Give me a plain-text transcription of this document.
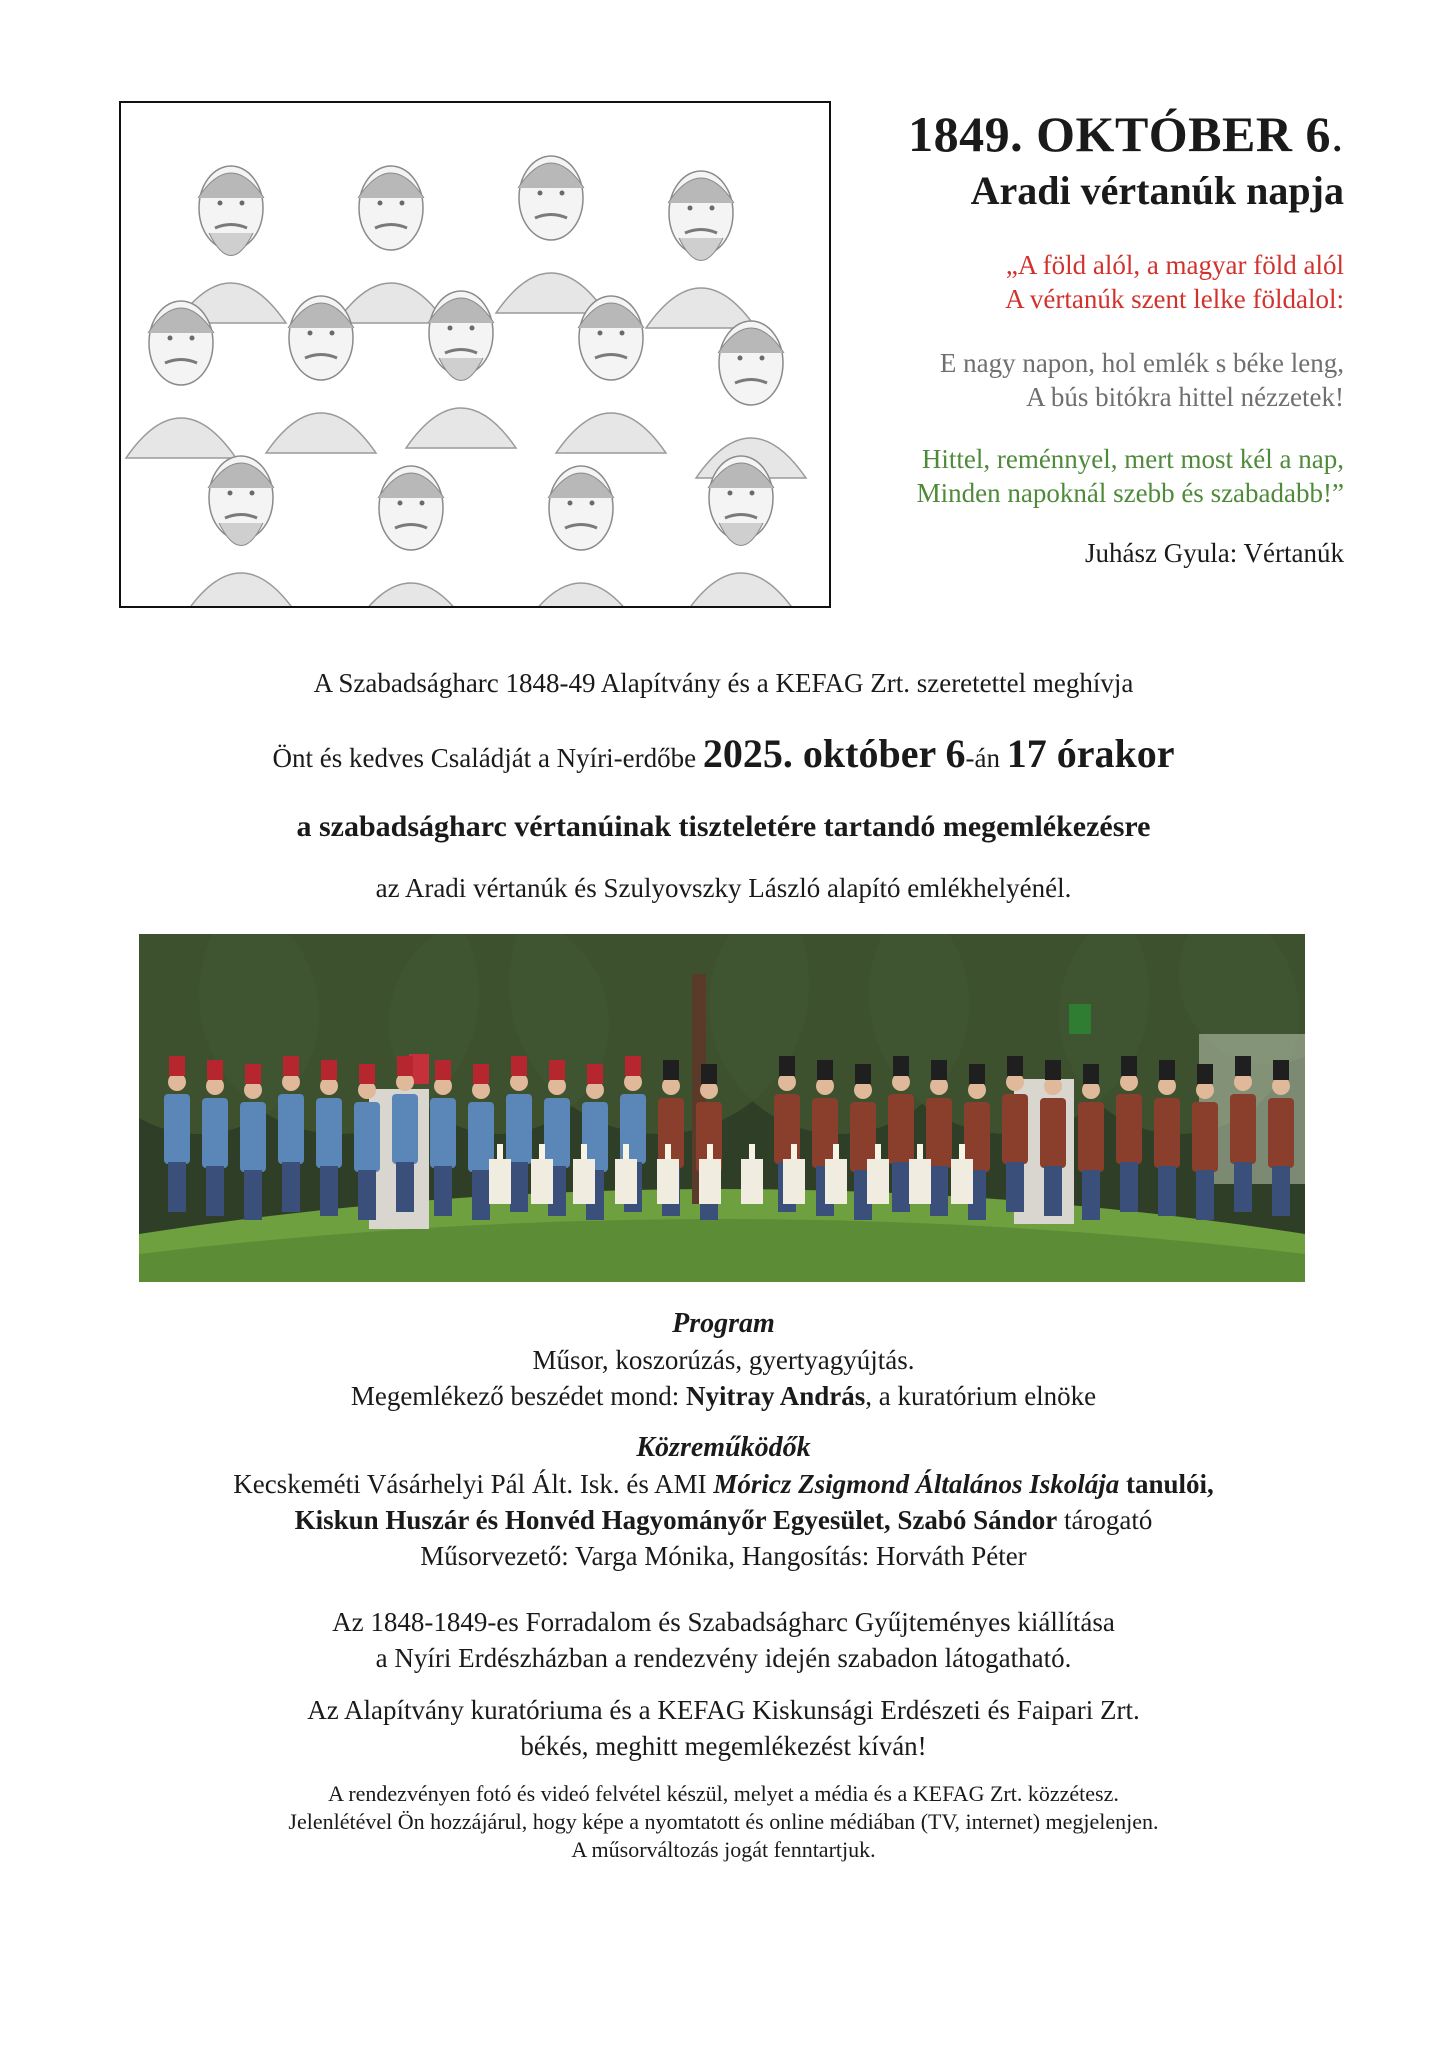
1849. OKTÓBER 6.
Aradi vértanúk napja
„A föld alól, a magyar föld alól
A vértanúk szent lelke földalol:
E nagy napon, hol emlék s béke leng,
A bús bitókra hittel nézzetek!
Hittel, reménnyel, mert most kél a nap,
Minden napoknál szebb és szabadabb!”
Juhász Gyula: Vértanúk
A Szabadságharc 1848-49 Alapítvány és a KEFAG Zrt. szeretettel meghívja
Önt és kedves Családját a Nyíri-erdőbe 2025. október 6-án 17 órakor
a szabadságharc vértanúinak tiszteletére tartandó megemlékezésre
az Aradi vértanúk és Szulyovszky László alapító emlékhelyénél.
Program
Műsor, koszorúzás, gyertyagyújtás.
Megemlékező beszédet mond: Nyitray András, a kuratórium elnöke
Közreműködők
Kecskeméti Vásárhelyi Pál Ált. Isk. és AMI Móricz Zsigmond Általános Iskolája tanulói,
Kiskun Huszár és Honvéd Hagyományőr Egyesület, Szabó Sándor tárogató
Műsorvezető: Varga Mónika, Hangosítás: Horváth Péter
Az 1848-1849-es Forradalom és Szabadságharc Gyűjteményes kiállítása
a Nyíri Erdészházban a rendezvény idején szabadon látogatható.
Az Alapítvány kuratóriuma és a KEFAG Kiskunsági Erdészeti és Faipari Zrt.
békés, meghitt megemlékezést kíván!
A rendezvényen fotó és videó felvétel készül, melyet a média és a KEFAG Zrt. közzétesz.
Jelenlétével Ön hozzájárul, hogy képe a nyomtatott és online médiában (TV, internet) megjelenjen.
A műsorváltozás jogát fenntartjuk.
